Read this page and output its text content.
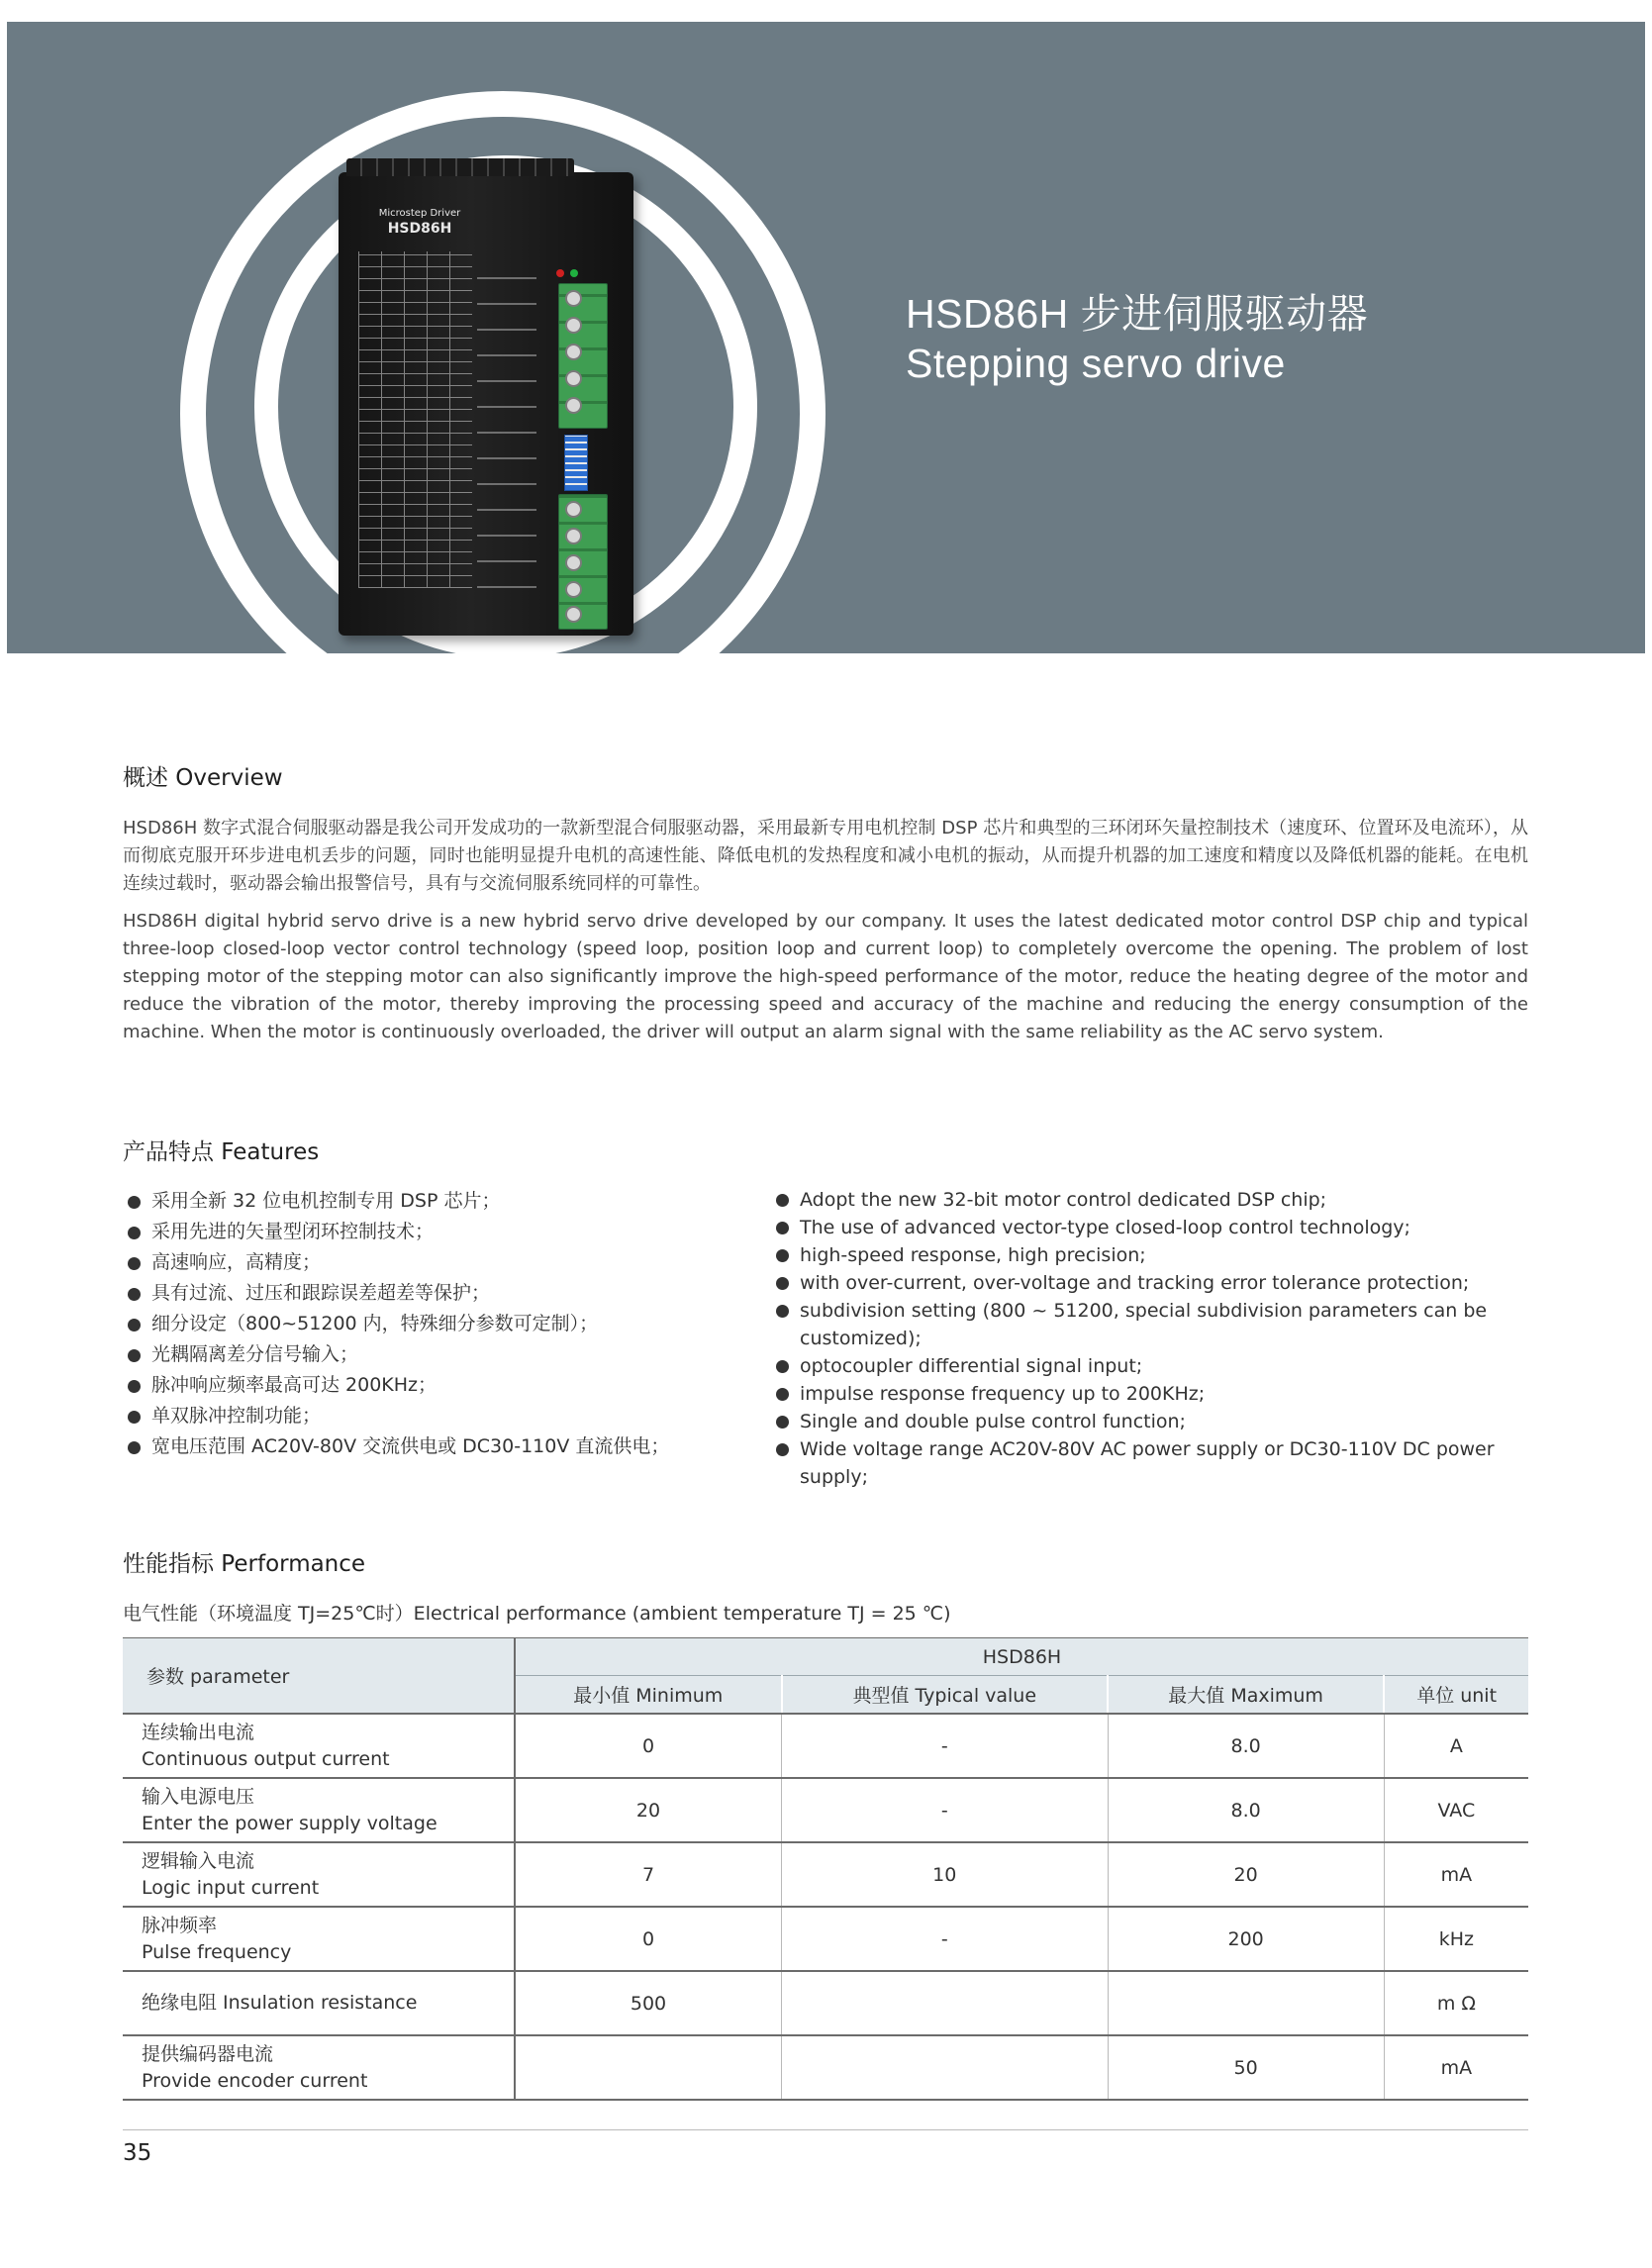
Microstep Driver
HSD86H
HSD86H 步进伺服驱动器
Stepping servo drive
概述 Overview
HSD86H 数字式混合伺服驱动器是我公司开发成功的一款新型混合伺服驱动器，采用最新专用电机控制 DSP 芯片和典型的三环闭环矢量控制技术（速度环、位置环及电流环），从而彻底克服开环步进电机丢步的问题，同时也能明显提升电机的高速性能、降低电机的发热程度和减小电机的振动，从而提升机器的加工速度和精度以及降低机器的能耗。在电机连续过载时，驱动器会输出报警信号，具有与交流伺服系统同样的可靠性。
HSD86H digital hybrid servo drive is a new hybrid servo drive developed by our company. It uses the latest dedicated motor control DSP chip and typical three-loop closed-loop vector control technology (speed loop, position loop and current loop) to completely overcome the opening. The problem of lost stepping motor of the stepping motor can also significantly improve the high-speed performance of the motor, reduce the heating degree of the motor and reduce the vibration of the motor, thereby improving the processing speed and accuracy of the machine and reducing the energy consumption of the machine. When the motor is continuously overloaded, the driver will output an alarm signal with the same reliability as the AC servo system.
产品特点 Features
采用全新 32 位电机控制专用 DSP 芯片；
采用先进的矢量型闭环控制技术；
高速响应，高精度；
具有过流、过压和跟踪误差超差等保护；
细分设定（800~51200 内，特殊细分参数可定制）；
光耦隔离差分信号输入；
脉冲响应频率最高可达 200KHz；
单双脉冲控制功能；
宽电压范围 AC20V-80V 交流供电或 DC30-110V 直流供电；
Adopt the new 32-bit motor control dedicated DSP chip;
The use of advanced vector-type closed-loop control technology;
high-speed response, high precision;
with over-current, over-voltage and tracking error tolerance protection;
subdivision setting (800 ~ 51200, special subdivision parameters can be customized);
optocoupler differential signal input;
impulse response frequency up to 200KHz;
Single and double pulse control function;
Wide voltage range AC20V-80V AC power supply or DC30-110V DC power supply;
性能指标 Performance
电气性能（环境温度 TJ=25℃时）Electrical performance (ambient temperature TJ = 25 ℃)
参数 parameter	HSD86H			
	最小值 Minimum	典型值 Typical value	最大值 Maximum	单位 unit

连续输出电流
Continuous output current	0	-	8.0	A

输入电源电压
Enter the power supply voltage	20	-	8.0	VAC

逻辑输入电流
Logic input current	7	10	20	mA

脉冲频率
Pulse frequency	0	-	200	kHz

绝缘电阻 Insulation resistance	500			m Ω

提供编码器电流
Provide encoder current			50	mA
35
